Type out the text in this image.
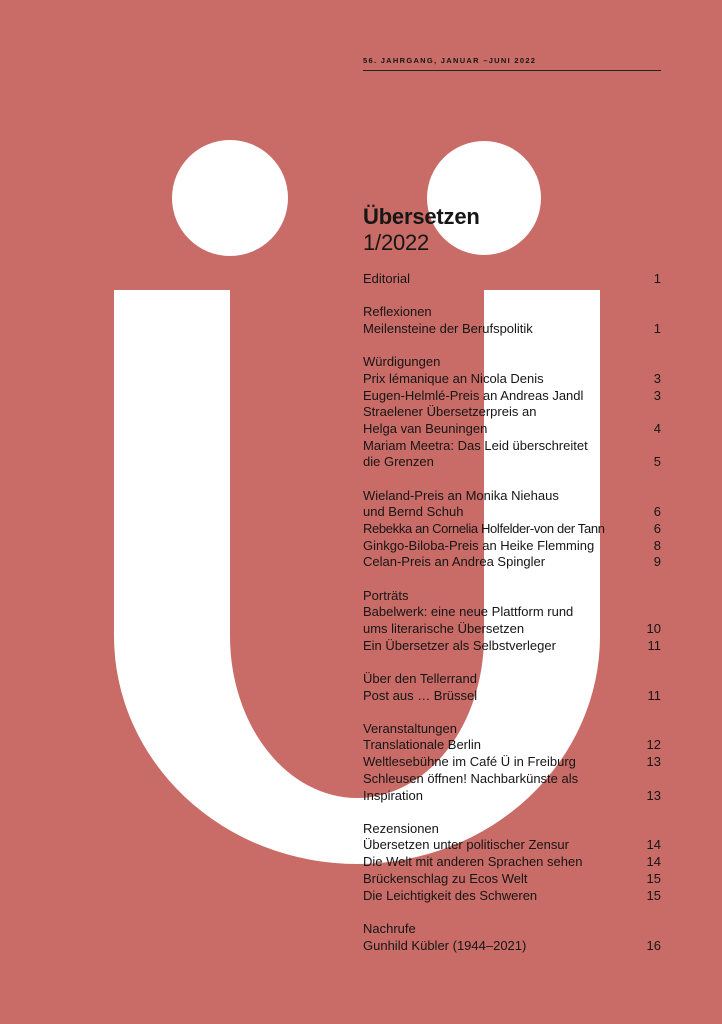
56. JAHRGANG, JANUAR –JUNI 2022
Übersetzen
1/2022
Editorial	1
Reflexionen
Meilensteine der Berufspolitik	1
Würdigungen
Prix lémanique an Nicola Denis	3
Eugen-Helmlé-Preis an Andreas Jandl	3
Straelener Übersetzerpreis an
Helga van Beuningen	4
Mariam Meetra: Das Leid überschreitet
die Grenzen	5
Wieland-Preis an Monika Niehaus
und Bernd Schuh	6
Rebekka an Cornelia Holfelder-von der Tann	6
Ginkgo-Biloba-Preis an Heike Flemming	8
Celan-Preis an Andrea Spingler	9
Porträts
Babelwerk: eine neue Plattform rund
ums literarische Übersetzen	10
Ein Übersetzer als Selbstverleger	11
Über den Tellerrand
Post aus … Brüssel	11
Veranstaltungen
Translationale Berlin	12
Weltlesebühne im Café Ü in Freiburg	13
Schleusen öffnen! Nachbarkünste als
Inspiration	13
Rezensionen
Übersetzen unter politischer Zensur	14
Die Welt mit anderen Sprachen sehen	14
Brückenschlag zu Ecos Welt	15
Die Leichtigkeit des Schweren	15
Nachrufe
Gunhild Kübler (1944–2021)	16
